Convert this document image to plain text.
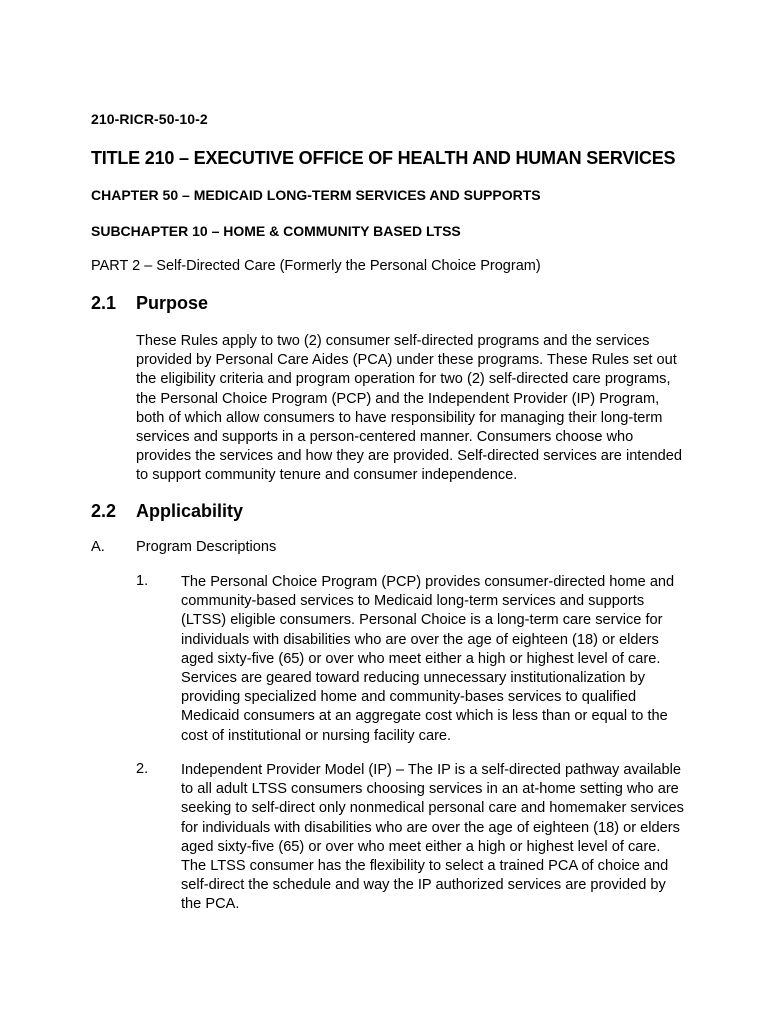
210-RICR-50-10-2
TITLE 210 – EXECUTIVE OFFICE OF HEALTH AND HUMAN SERVICES
CHAPTER 50 – MEDICAID LONG-TERM SERVICES AND SUPPORTS
SUBCHAPTER 10 – HOME & COMMUNITY BASED LTSS
PART 2 – Self-Directed Care (Formerly the Personal Choice Program)
2.1 Purpose

These Rules apply to two (2) consumer self-directed programs and the services provided by Personal Care Aides (PCA) under these programs. These Rules set out the eligibility criteria and program operation for two (2) self-directed care programs, the Personal Choice Program (PCP) and the Independent Provider (IP) Program, both of which allow consumers to have responsibility for managing their long-term services and supports in a person-centered manner. Consumers choose who provides the services and how they are provided. Self-directed services are intended to support community tenure and consumer independence.

2.2 Applicability
A. Program Descriptions
1. The Personal Choice Program (PCP) provides consumer-directed home and community-based services to Medicaid long-term services and supports (LTSS) eligible consumers. Personal Choice is a long-term care service for individuals with disabilities who are over the age of eighteen (18) or elders aged sixty-five (65) or over who meet either a high or highest level of care. Services are geared toward reducing unnecessary institutionalization by providing specialized home and community-bases services to qualified Medicaid consumers at an aggregate cost which is less than or equal to the cost of institutional or nursing facility care.

2. Independent Provider Model (IP) – The IP is a self-directed pathway available to all adult LTSS consumers choosing services in an at-home setting who are seeking to self-direct only nonmedical personal care and homemaker services for individuals with disabilities who are over the age of eighteen (18) or elders aged sixty-five (65) or over who meet either a high or highest level of care. The LTSS consumer has the flexibility to select a trained PCA of choice and self-direct the schedule and way the IP authorized services are provided by the PCA.
